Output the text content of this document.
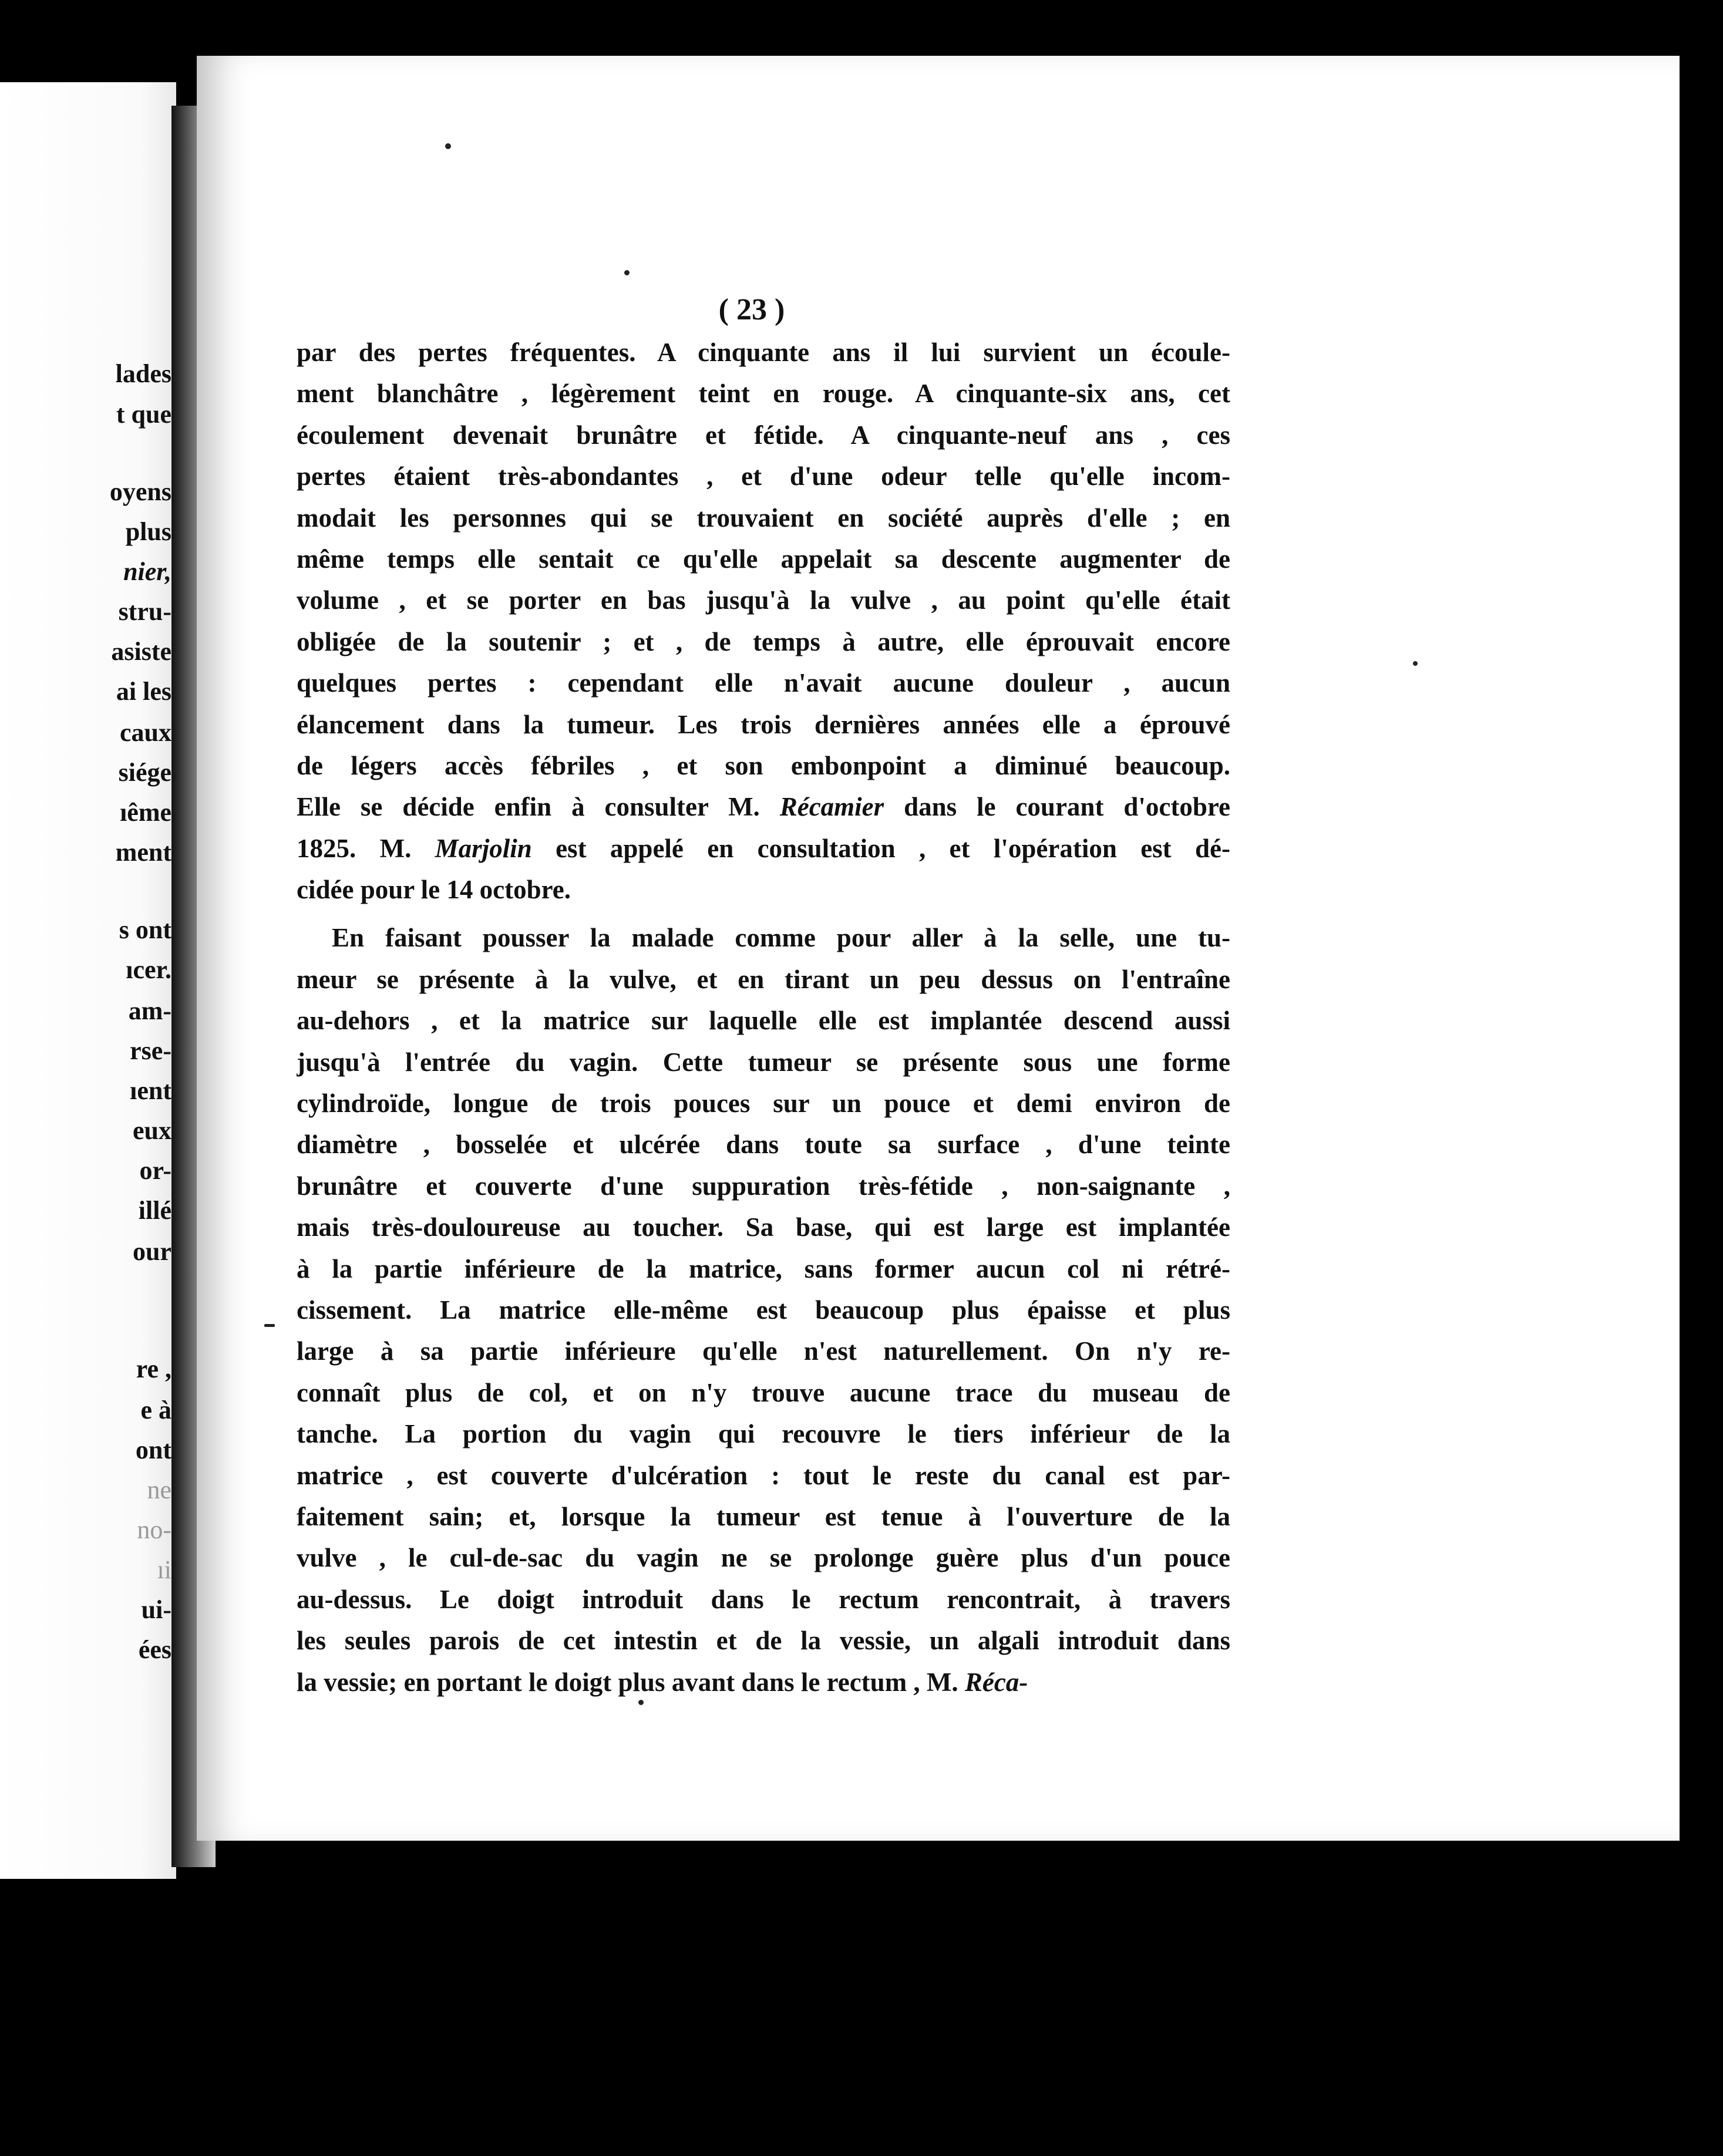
lades
t que
oyens
plus
nier,
stru-
asiste
ai les
caux
siége
ıême
ment
s ont
ıcer.
am-
rse-
ıent
eux
or-
illé
our
re ,
e à
ont
ne
no-
ıi
ui-
ées
( 23 )
par des pertes fréquentes. A cinquante ans il lui survient un écoule-
ment blanchâtre , légèrement teint en rouge. A cinquante-six ans, cet
écoulement devenait brunâtre et fétide. A cinquante-neuf ans , ces
pertes étaient très-abondantes , et d'une odeur telle qu'elle incom-
modait les personnes qui se trouvaient en société auprès d'elle ; en
même temps elle sentait ce qu'elle appelait sa descente augmenter de
volume , et se porter en bas jusqu'à la vulve , au point qu'elle était
obligée de la soutenir ; et , de temps à autre, elle éprouvait encore
quelques pertes : cependant elle n'avait aucune douleur , aucun
élancement dans la tumeur. Les trois dernières années elle a éprouvé
de légers accès fébriles , et son embonpoint a diminué beaucoup.
Elle se décide enfin à consulter M. Récamier dans le courant d'octobre
1825. M. Marjolin est appelé en consultation , et l'opération est dé-
cidée pour le 14 octobre.
En faisant pousser la malade comme pour aller à la selle, une tu-
meur se présente à la vulve, et en tirant un peu dessus on l'entraîne
au-dehors , et la matrice sur laquelle elle est implantée descend aussi
jusqu'à l'entrée du vagin. Cette tumeur se présente sous une forme
cylindroïde, longue de trois pouces sur un pouce et demi environ de
diamètre , bosselée et ulcérée dans toute sa surface , d'une teinte
brunâtre et couverte d'une suppuration très-fétide , non-saignante ,
mais très-douloureuse au toucher. Sa base, qui est large est implantée
à la partie inférieure de la matrice, sans former aucun col ni rétré-
cissement. La matrice elle-même est beaucoup plus épaisse et plus
large à sa partie inférieure qu'elle n'est naturellement. On n'y re-
connaît plus de col, et on n'y trouve aucune trace du museau de
tanche. La portion du vagin qui recouvre le tiers inférieur de la
matrice , est couverte d'ulcération : tout le reste du canal est par-
faitement sain; et, lorsque la tumeur est tenue à l'ouverture de la
vulve , le cul-de-sac du vagin ne se prolonge guère plus d'un pouce
au-dessus. Le doigt introduit dans le rectum rencontrait, à travers
les seules parois de cet intestin et de la vessie, un algali introduit dans
la vessie; en portant le doigt plus avant dans le rectum , M. Réca-
